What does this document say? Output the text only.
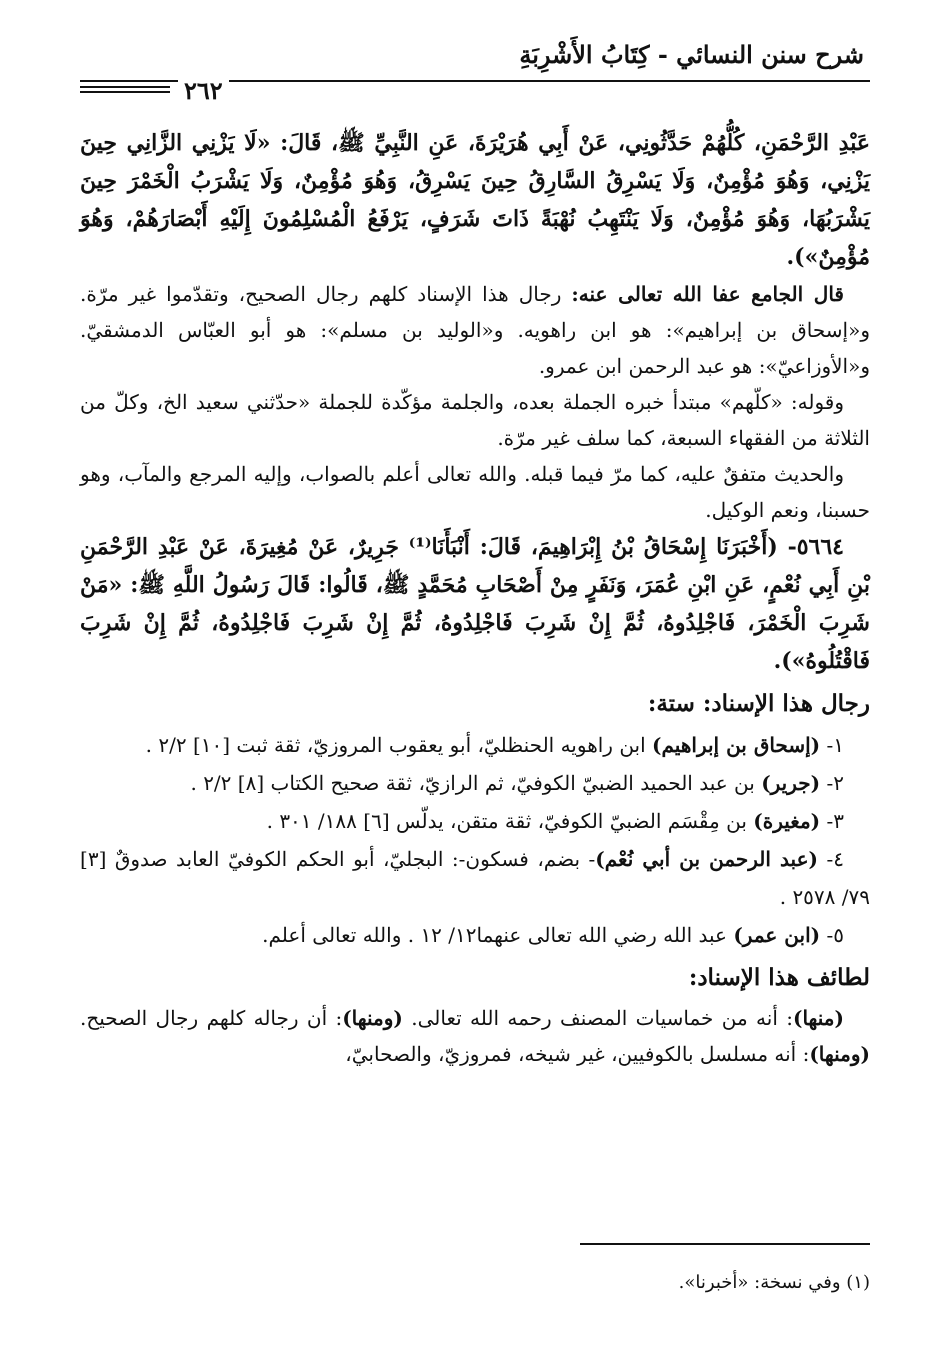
شرح سنن النسائي - كِتَابُ الأَشْرِبَةِ
٢٦٢

عَبْدِ الرَّحْمَنِ، كُلُّهُمْ حَدَّثُونِي، عَنْ أَبِي هُرَيْرَةَ، عَنِ النَّبِيِّ ﷺ، قَالَ: «لَا يَزْنِي الزَّانِي حِينَ يَزْنِي، وَهُوَ مُؤْمِنٌ، وَلَا يَسْرِقُ السَّارِقُ حِينَ يَسْرِقُ، وَهُوَ مُؤْمِنٌ، وَلَا يَشْرَبُ الْخَمْرَ حِينَ يَشْرَبُهَا، وَهُوَ مُؤْمِنٌ، وَلَا يَنْتَهِبُ نُهْبَةً ذَاتَ شَرَفٍ، يَرْفَعُ الْمُسْلِمُونَ إِلَيْهِ أَبْصَارَهُمْ، وَهُوَ مُؤْمِنٌ»).

قال الجامع عفا الله تعالى عنه: رجال هذا الإسناد كلهم رجال الصحيح، وتقدّموا غير مرّة. و«إسحاق بن إبراهيم»: هو ابن راهويه. و«الوليد بن مسلم»: هو أبو العبّاس الدمشقيّ. و«الأوزاعيّ»: هو عبد الرحمن ابن عمرو.

وقوله: «كلّهم» مبتدأ خبره الجملة بعده، والجلمة مؤكّدة للجملة «حدّثني سعيد الخ، وكلّ من الثلاثة من الفقهاء السبعة، كما سلف غير مرّة.

والحديث متفقٌ عليه، كما مرّ فيما قبله. والله تعالى أعلم بالصواب، وإليه المرجع والمآب، وهو حسبنا، ونعم الوكيل.

٥٦٦٤- (أَخْبَرَنَا إِسْحَاقُ بْنُ إِبْرَاهِيمَ، قَالَ: أَنْبَأَنَا⁽¹⁾ جَرِيرٌ، عَنْ مُغِيرَةَ، عَنْ عَبْدِ الرَّحْمَنِ بْنِ أَبِي نُعْمٍ، عَنِ ابْنِ عُمَرَ، وَنَفَرٍ مِنْ أَصْحَابِ مُحَمَّدٍ ﷺ، قَالُوا: قَالَ رَسُولُ اللَّهِ ﷺ: «مَنْ شَرِبَ الْخَمْرَ، فَاجْلِدُوهُ، ثُمَّ إِنْ شَرِبَ فَاجْلِدُوهُ، ثُمَّ إِنْ شَرِبَ فَاجْلِدُوهُ، ثُمَّ إِنْ شَرِبَ فَاقْتُلُوهُ»).

رجال هذا الإسناد: ستة:

١- (إسحاق بن إبراهيم) ابن راهويه الحنظليّ، أبو يعقوب المروزيّ، ثقة ثبت [١٠] ٢/٢ .

٢- (جرير) بن عبد الحميد الضبيّ الكوفيّ، ثم الرازيّ، ثقة صحيح الكتاب [٨] ٢/٢ .

٣- (مغيرة) بن مِقْسَم الضبيّ الكوفيّ، ثقة متقن، يدلّس [٦] ١٨٨/ ٣٠١ .

٤- (عبد الرحمن بن أبي نُعْم)- بضم، فسكون-: البجليّ، أبو الحكم الكوفيّ العابد صدوقٌ [٣] ٧٩/ ٢٥٧٨ .

٥- (ابن عمر) عبد الله رضي الله تعالى عنهما١٢/ ١٢ . والله تعالى أعلم.

لطائف هذا الإسناد:

(منها): أنه من خماسيات المصنف رحمه الله تعالى. (ومنها): أن رجاله كلهم رجال الصحيح. (ومنها): أنه مسلسل بالكوفيين، غير شيخه، فمروزيّ، والصحابيّ،

(١) وفي نسخة: «أخبرنا».
